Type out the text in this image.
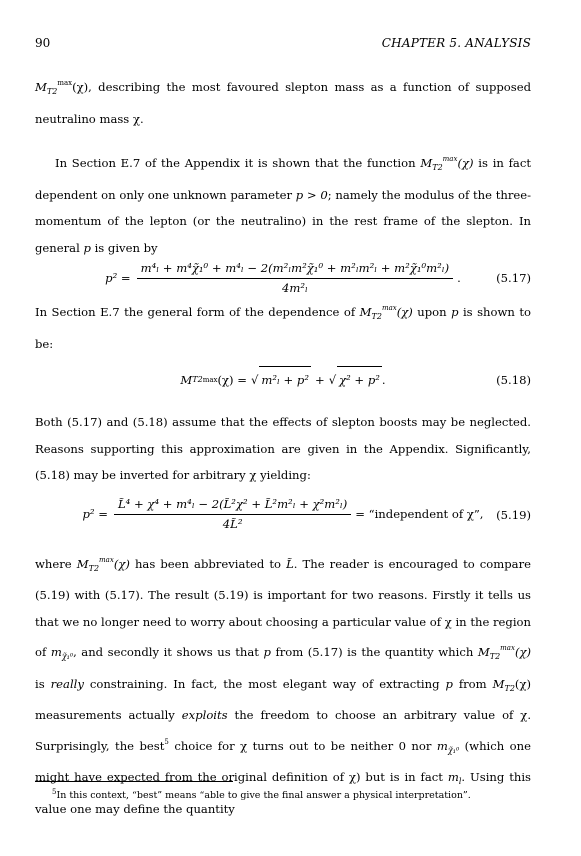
90	CHAPTER 5. ANALYSIS

$M_{T2}^{max}(\chi)$, describing the most favoured slepton mass as a function of supposed neutralino mass χ.

In Section E.7 of the Appendix it is shown that the function $M_{T2}^{max}(\chi)$ is in fact dependent on only one unknown parameter p > 0; namely the modulus of the three-momentum of the lepton (or the neutralino) in the rest frame of the slepton. In general p is given by

$p^2 = \frac{\text{m⁴ₗ + m⁴χ̃₁⁰ + m⁴ₗ − 2(m²ₗm²χ̃₁⁰ + m²ₗm²ₗ + m²χ̃₁⁰m²ₗ)}}{\text{4m²ₗ}}$ .	(5.17)

In Section E.7 the general form of the dependence of $M_{T2}^{max}(\chi)$ upon p is shown to be:

M T2 max (χ) = √ m²ₗ + p² + √ χ² + p² .	(5.18)

Both (5.17) and (5.18) assume that the effects of slepton boosts may be neglected. Reasons supporting this approximation are given in the Appendix. Significantly, (5.18) may be inverted for arbitrary χ yielding:

$p^2 = \frac{\text{L̃⁴ + χ⁴ + m⁴ₗ − 2(L̃²χ² + L̃²m²ₗ + χ²m²ₗ)}}{\text{4L̃²}}$ = “independent of χ”, (5.19)

where $M_{T2}^{max}(\chi)$ has been abbreviated to L̃. The reader is encouraged to compare (5.19) with (5.17). The result (5.19) is important for two reasons. Firstly it tells us that we no longer need to worry about choosing a particular value of χ in the region of $m_{\chĩ_1^0}$, and secondly it shows us that p from (5.17) is the quantity which $M_{T2}^{max}(\chi)$ is really constraining. In fact, the most elegant way of extracting p from $M_{T2}(\chi)$ measurements actually exploits the freedom to choose an arbitrary value of χ. Surprisingly, the best$^5$ choice for χ turns out to be neither 0 nor $m_{\chĩ_1^0}$ (which one might have expected from the original definition of χ) but is in fact $m_l$. Using this value one may define the quantity

$^5$In this context, “best” means “able to give the final answer a physical interpretation”.
